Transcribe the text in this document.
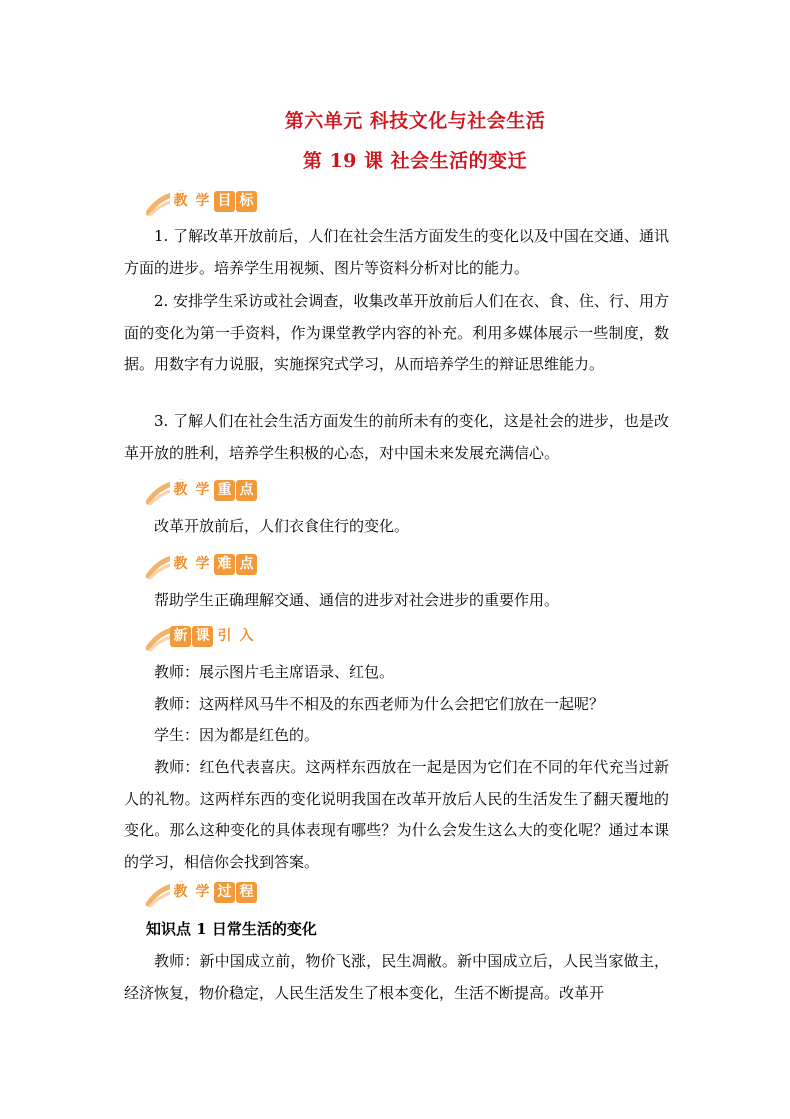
第六单元 科技文化与社会生活
第 19 课 社会生活的变迁
教 学 目 标
1. 了解改革开放前后，人们在社会生活方面发生的变化以及中国在交通、通讯方面的进步。培养学生用视频、图片等资料分析对比的能力。
2. 安排学生采访或社会调查，收集改革开放前后人们在衣、食、住、行、用方面的变化为第一手资料，作为课堂教学内容的补充。利用多媒体展示一些制度，数据。用数字有力说服，实施探究式学习，从而培养学生的辩证思维能力。
3. 了解人们在社会生活方面发生的前所未有的变化，这是社会的进步，也是改革开放的胜利，培养学生积极的心态，对中国未来发展充满信心。
教 学 重 点
改革开放前后，人们衣食住行的变化。
教 学 难 点
帮助学生正确理解交通、通信的进步对社会进步的重要作用。
新 课 引 入
教师：展示图片毛主席语录、红包。
教师：这两样风马牛不相及的东西老师为什么会把它们放在一起呢？
学生：因为都是红色的。
教师：红色代表喜庆。这两样东西放在一起是因为它们在不同的年代充当过新人的礼物。这两样东西的变化说明我国在改革开放后人民的生活发生了翻天覆地的变化。那么这种变化的具体表现有哪些？为什么会发生这么大的变化呢？通过本课的学习，相信你会找到答案。
教 学 过 程
知识点 1 日常生活的变化
教师：新中国成立前，物价飞涨，民生凋敝。新中国成立后，人民当家做主，经济恢复，物价稳定，人民生活发生了根本变化，生活不断提高。改革开
